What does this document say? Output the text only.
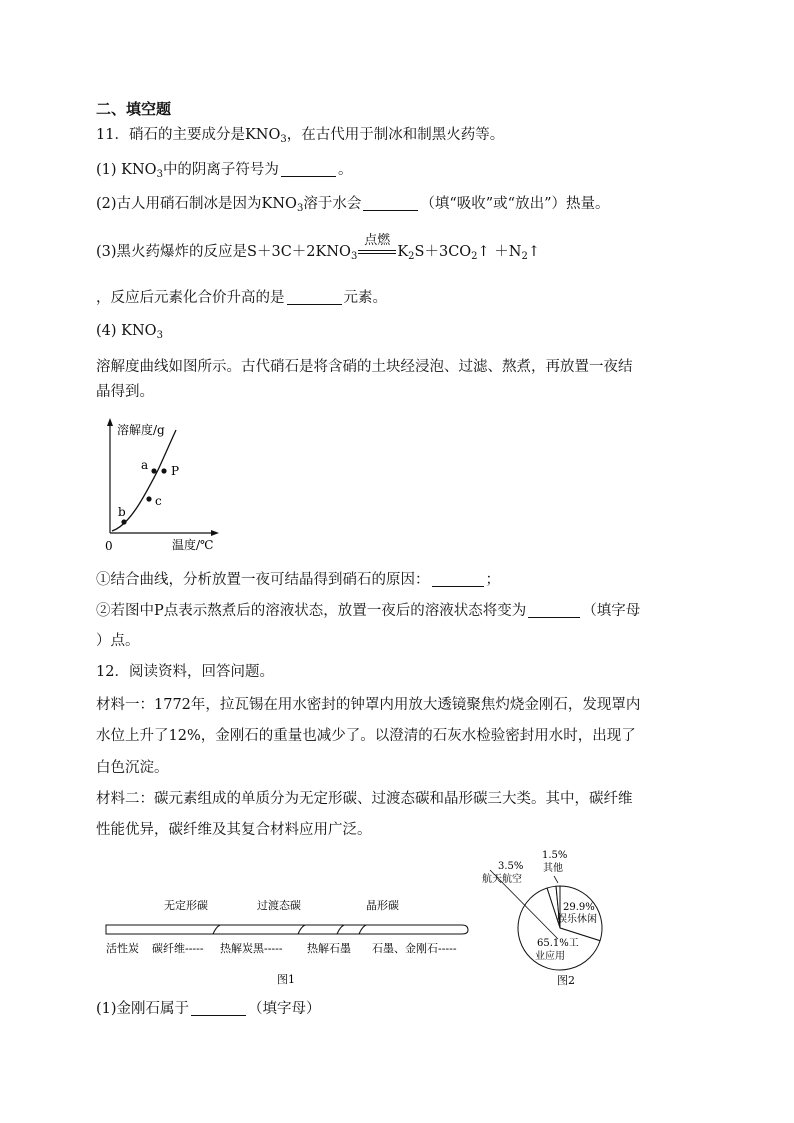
二、填空题
11．硝石的主要成分是$KNO_3$，在古代用于制冰和制黑火药等。
(1) $KNO_3$中的阴离子符号为	。
(2)古人用硝石制冰是因为$KNO_3$溶于水会	（填“吸收”或“放出”）热量。
(3)黑火药爆炸的反应是$S+3C+2KNO_3$
点燃
$K_2S+3CO_2↑$ $+N_2↑$
，反应后元素化合价升高的是	元素。
(4) $KNO_3$
溶解度曲线如图所示。古代硝石是将含硝的土块经浸泡、过滤、熬煮，再放置一夜结
晶得到。
溶解度/g
温度/℃
0
b
c
a P
①结合曲线，分析放置一夜可结晶得到硝石的原因：	；
②若图中P点表示熬煮后的溶液状态，放置一夜后的溶液状态将变为	（填字母
）点。
12．阅读资料，回答问题。
材料一：1772年，拉瓦锡在用水密封的钟罩内用放大透镜聚焦灼烧金刚石，发现罩内
水位上升了12%，金刚石的重量也减少了。以澄清的石灰水检验密封用水时，出现了
白色沉淀。
材料二：碳元素组成的单质分为无定形碳、过渡态碳和晶形碳三大类。其中，碳纤维
性能优异，碳纤维及其复合材料应用广泛。
无定形碳	过渡态碳	晶形碳
活性炭 碳纤维----- 热解炭黑----- 热解石墨 石墨、金刚石-----
图1
3.5%
航天航空
1.5%
其他
29.9%
娱乐休闲
65.1%工
业应用
图2
(1)金刚石属于	（填字母）
